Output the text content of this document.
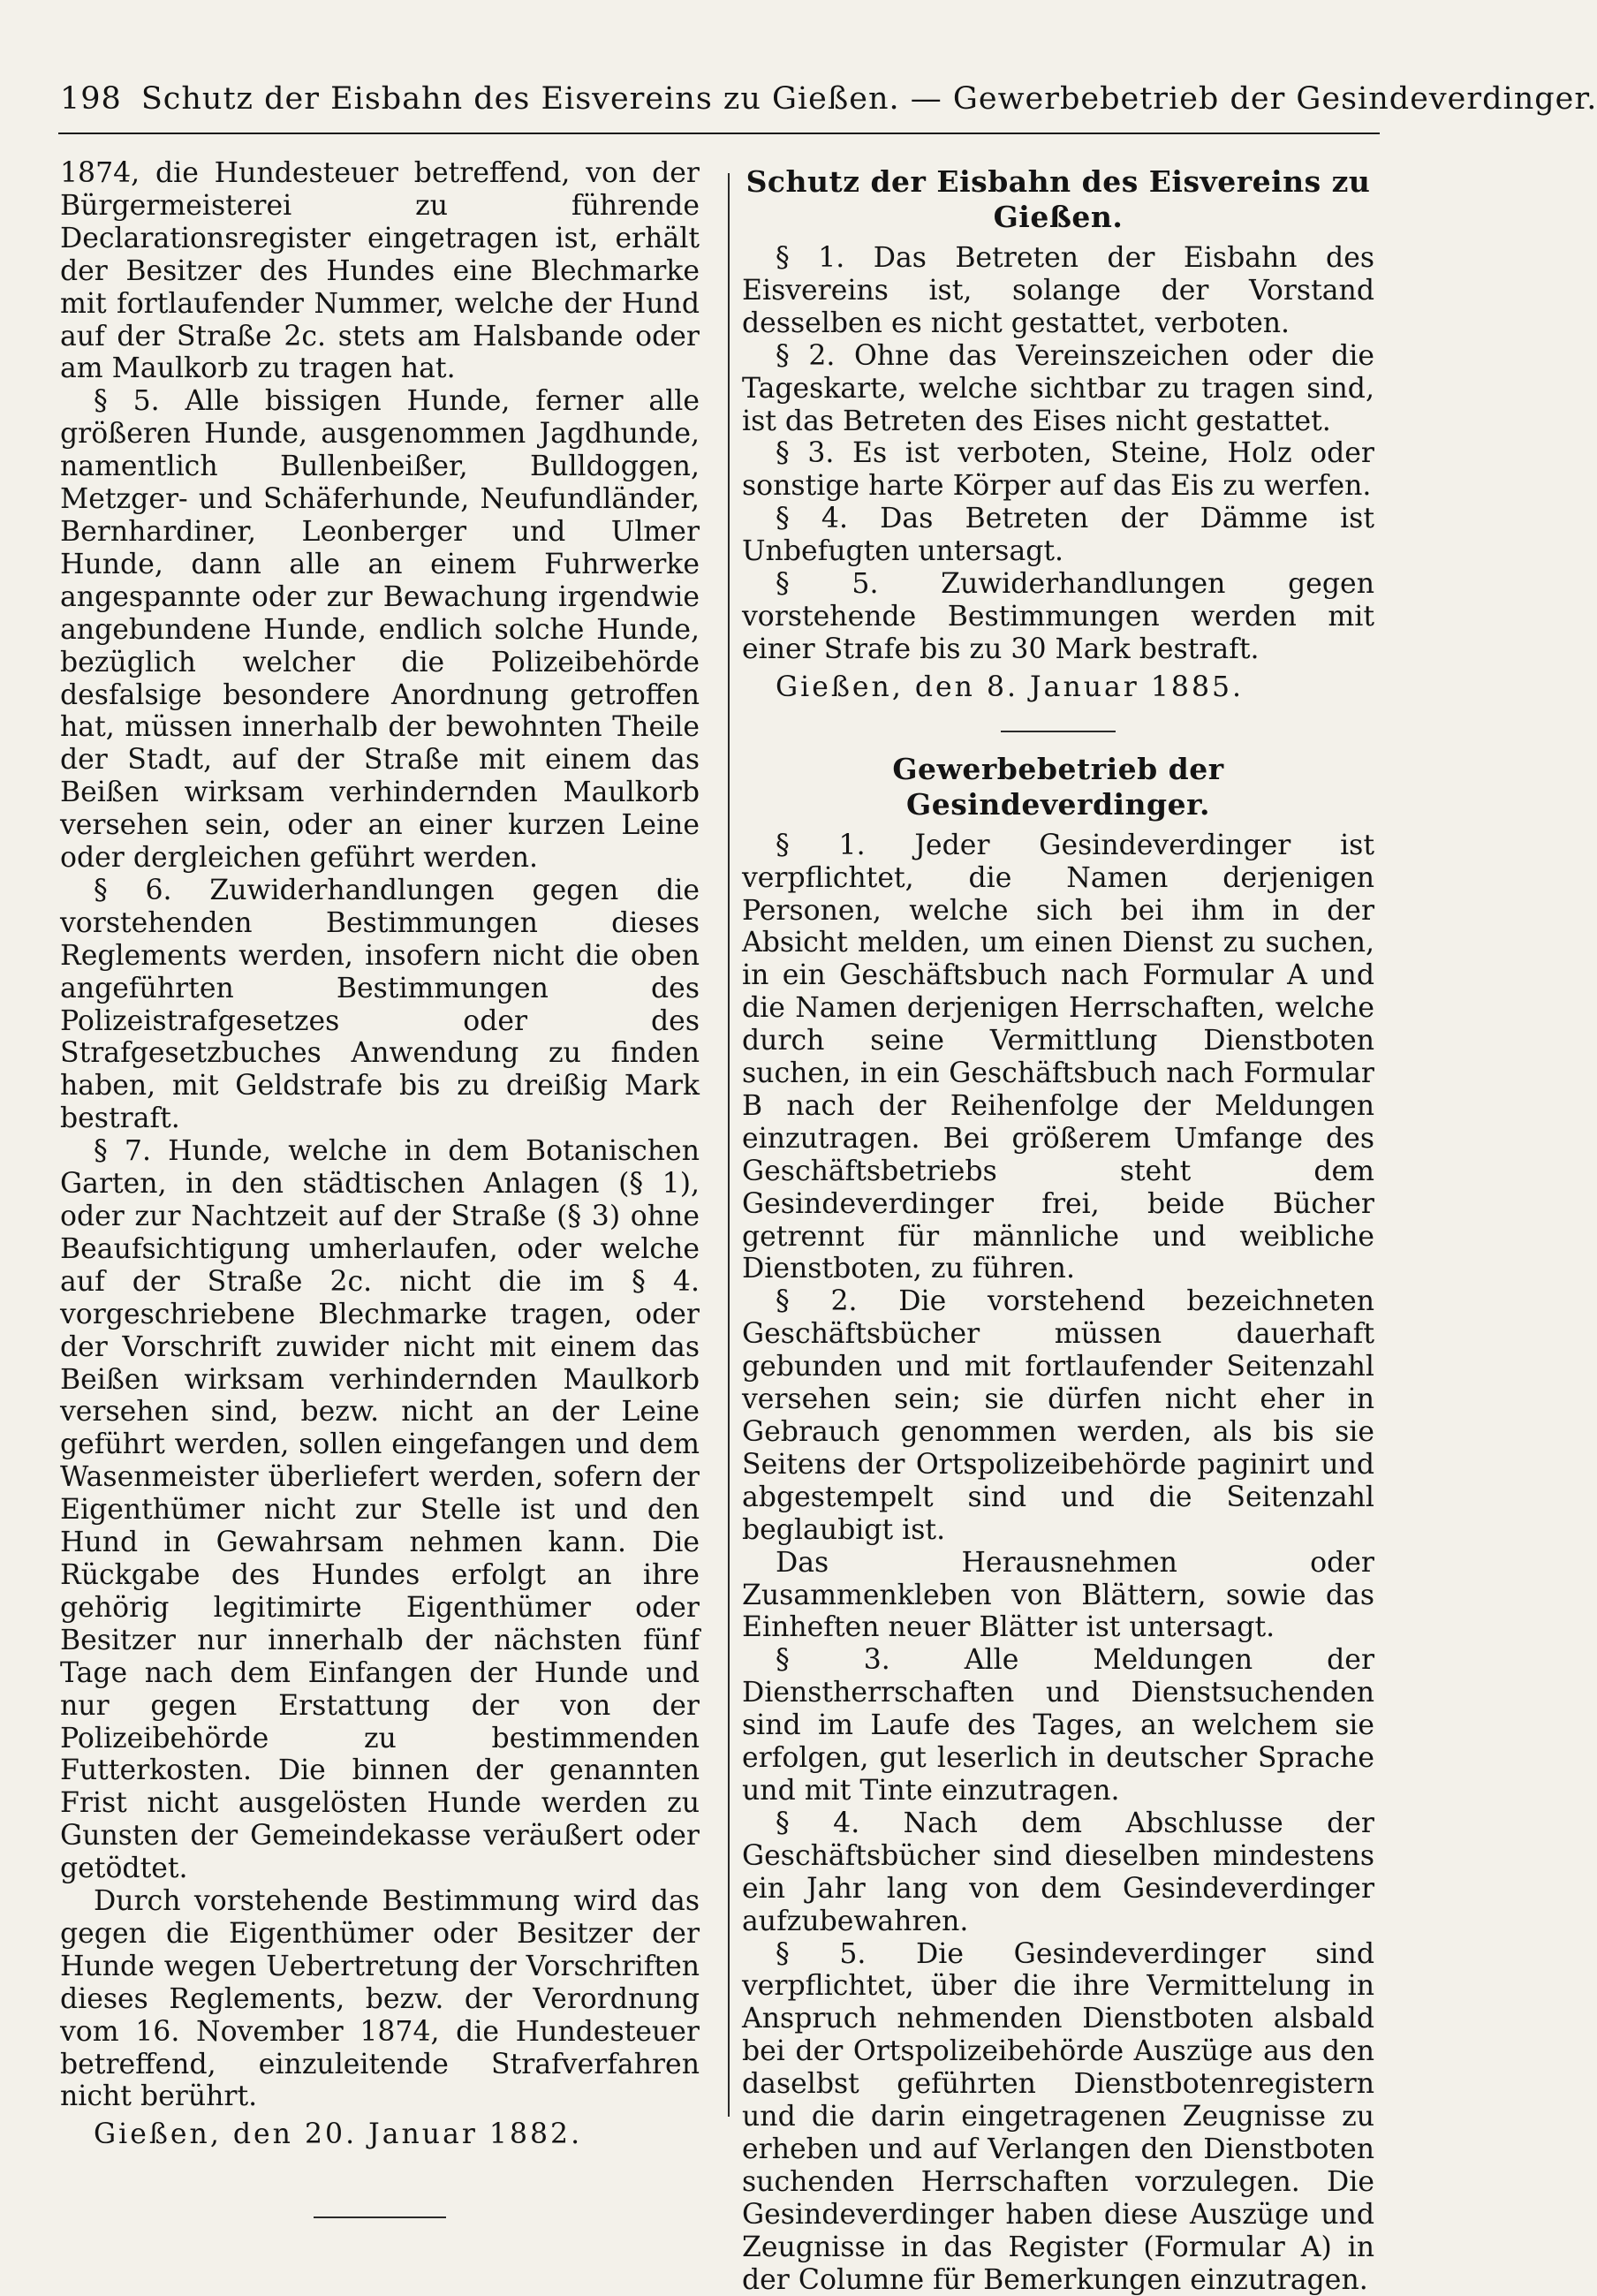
198 Schutz der Eisbahn des Eisvereins zu Gießen. — Gewerbebetrieb der Gesindeverdinger.

1874, die Hundesteuer betreffend, von der Bürgermeisterei zu führende Declarationsregister eingetragen ist, erhält der Besitzer des Hundes eine Blechmarke mit fortlaufender Nummer, welche der Hund auf der Straße 2c. stets am Halsbande oder am Maulkorb zu tragen hat.

§ 5. Alle bissigen Hunde, ferner alle größeren Hunde, ausgenommen Jagdhunde, namentlich Bullenbeißer, Bulldoggen, Metzger- und Schäferhunde, Neufundländer, Bernhardiner, Leonberger und Ulmer Hunde, dann alle an einem Fuhrwerke angespannte oder zur Bewachung irgendwie angebundene Hunde, endlich solche Hunde, bezüglich welcher die Polizeibehörde desfalsige besondere Anordnung getroffen hat, müssen innerhalb der bewohnten Theile der Stadt, auf der Straße mit einem das Beißen wirksam verhindernden Maulkorb versehen sein, oder an einer kurzen Leine oder dergleichen geführt werden.

§ 6. Zuwiderhandlungen gegen die vorstehenden Bestimmungen dieses Reglements werden, insofern nicht die oben angeführten Bestimmungen des Polizeistrafgesetzes oder des Strafgesetzbuches Anwendung zu finden haben, mit Geldstrafe bis zu dreißig Mark bestraft.

§ 7. Hunde, welche in dem Botanischen Garten, in den städtischen Anlagen (§ 1), oder zur Nachtzeit auf der Straße (§ 3) ohne Beaufsichtigung umherlaufen, oder welche auf der Straße 2c. nicht die im § 4. vorgeschriebene Blechmarke tragen, oder der Vorschrift zuwider nicht mit einem das Beißen wirksam verhindernden Maulkorb versehen sind, bezw. nicht an der Leine geführt werden, sollen eingefangen und dem Wasenmeister überliefert werden, sofern der Eigenthümer nicht zur Stelle ist und den Hund in Gewahrsam nehmen kann. Die Rückgabe des Hundes erfolgt an ihre gehörig legitimirte Eigenthümer oder Besitzer nur innerhalb der nächsten fünf Tage nach dem Einfangen der Hunde und nur gegen Erstattung der von der Polizeibehörde zu bestimmenden Futterkosten. Die binnen der genannten Frist nicht ausgelösten Hunde werden zu Gunsten der Gemeindekasse veräußert oder getödtet.

Durch vorstehende Bestimmung wird das gegen die Eigenthümer oder Besitzer der Hunde wegen Uebertretung der Vorschriften dieses Reglements, bezw. der Verordnung vom 16. November 1874, die Hundesteuer betreffend, einzuleitende Strafverfahren nicht berührt.

Gießen, den 20. Januar 1882.

Schutz der Eisbahn des Eisvereins zu Gießen.

§ 1. Das Betreten der Eisbahn des Eisvereins ist, solange der Vorstand desselben es nicht gestattet, verboten.

§ 2. Ohne das Vereinszeichen oder die Tageskarte, welche sichtbar zu tragen sind, ist das Betreten des Eises nicht gestattet.

§ 3. Es ist verboten, Steine, Holz oder sonstige harte Körper auf das Eis zu werfen.

§ 4. Das Betreten der Dämme ist Unbefugten untersagt.

§ 5. Zuwiderhandlungen gegen vorstehende Bestimmungen werden mit einer Strafe bis zu 30 Mark bestraft.

Gießen, den 8. Januar 1885.

Gewerbebetrieb der Gesindeverdinger.

§ 1. Jeder Gesindeverdinger ist verpflichtet, die Namen derjenigen Personen, welche sich bei ihm in der Absicht melden, um einen Dienst zu suchen, in ein Geschäftsbuch nach Formular A und die Namen derjenigen Herrschaften, welche durch seine Vermittlung Dienstboten suchen, in ein Geschäftsbuch nach Formular B nach der Reihenfolge der Meldungen einzutragen. Bei größerem Umfange des Geschäftsbetriebs steht dem Gesindeverdinger frei, beide Bücher getrennt für männliche und weibliche Dienstboten, zu führen.

§ 2. Die vorstehend bezeichneten Geschäftsbücher müssen dauerhaft gebunden und mit fortlaufender Seitenzahl versehen sein; sie dürfen nicht eher in Gebrauch genommen werden, als bis sie Seitens der Ortspolizeibehörde paginirt und abgestempelt sind und die Seitenzahl beglaubigt ist.

Das Herausnehmen oder Zusammenkleben von Blättern, sowie das Einheften neuer Blätter ist untersagt.

§ 3. Alle Meldungen der Dienstherrschaften und Dienstsuchenden sind im Laufe des Tages, an welchem sie erfolgen, gut leserlich in deutscher Sprache und mit Tinte einzutragen.

§ 4. Nach dem Abschlusse der Geschäftsbücher sind dieselben mindestens ein Jahr lang von dem Gesindeverdinger aufzubewahren.

§ 5. Die Gesindeverdinger sind verpflichtet, über die ihre Vermittelung in Anspruch nehmenden Dienstboten alsbald bei der Ortspolizeibehörde Auszüge aus den daselbst geführten Dienstbotenregistern und die darin eingetragenen Zeugnisse zu erheben und auf Verlangen den Dienstboten suchenden Herrschaften vorzulegen. Die Gesindeverdinger haben diese Auszüge und Zeugnisse in das Register (Formular A) in der Columne für Bemerkungen einzutragen.
